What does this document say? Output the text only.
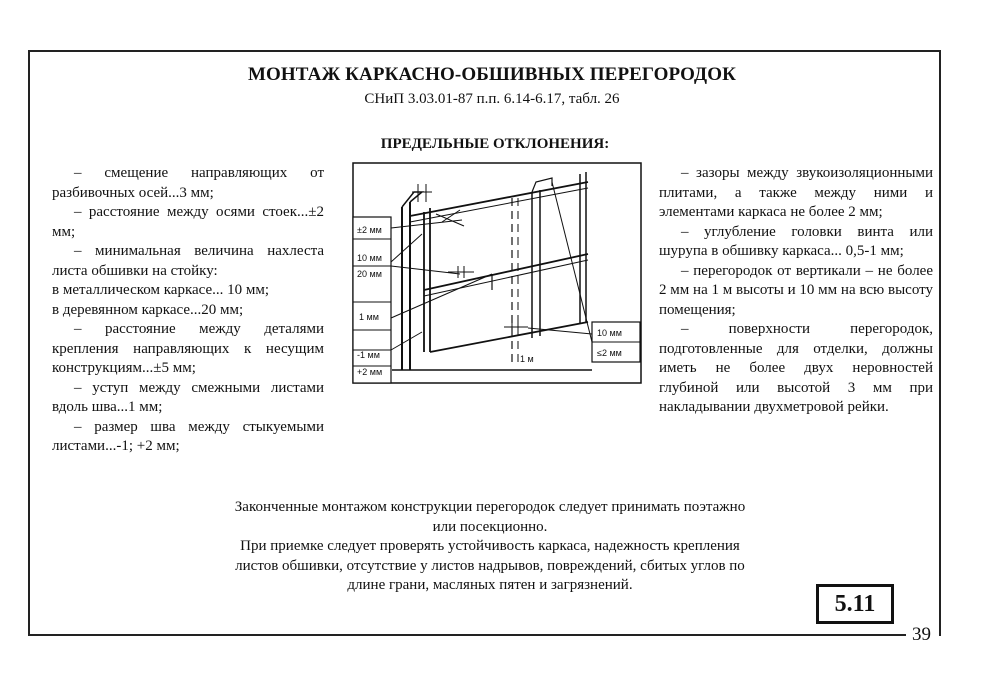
39
МОНТАЖ КАРКАСНО-ОБШИВНЫХ ПЕРЕГОРОДОК
СНиП 3.03.01-87 п.п. 6.14-6.17, табл. 26
ПРЕДЕЛЬНЫЕ ОТКЛОНЕНИЯ:

– смещение направляющих от разбивочных осей...3 мм;

– расстояние между осями стоек...±2 мм;

– минимальная величина нахлеста листа обшивки на стойку:

в металлическом каркасе... 10 мм;

в деревянном каркасе...20 мм;

– расстояние между деталями крепления направляющих к несущим конструкциям...±5 мм;

– уступ между смежными листами вдоль шва...1 мм;

– размер шва между стыкуемыми листами...-1; +2 мм;

– зазоры между звукоизоляционными плитами, а также между ними и элементами каркаса не более 2 мм;

– углубление головки винта или шурупа в обшивку каркаса... 0,5-1 мм;

– перегородок от вертикали – не более 2 мм на 1 м высоты и 10 мм на всю высоту помещения;

– поверхности перегородок, подготовленные для отделки, должны иметь не более двух неровностей глубиной или высотой 3 мм при накладывании двухметровой рейки.

±2 мм
10 мм
20 мм
1 мм
-1 мм
+2 мм
10 мм
≤2 мм
1 м

Законченные монтажом конструкции перегородок следует принимать поэтажно или посекционно.

При приемке следует проверять устойчивость каркаса, надежность крепления листов обшивки, отсутствие у листов надрывов, повреждений, сбитых углов по длине грани, масляных пятен и загрязнений.

5.11
